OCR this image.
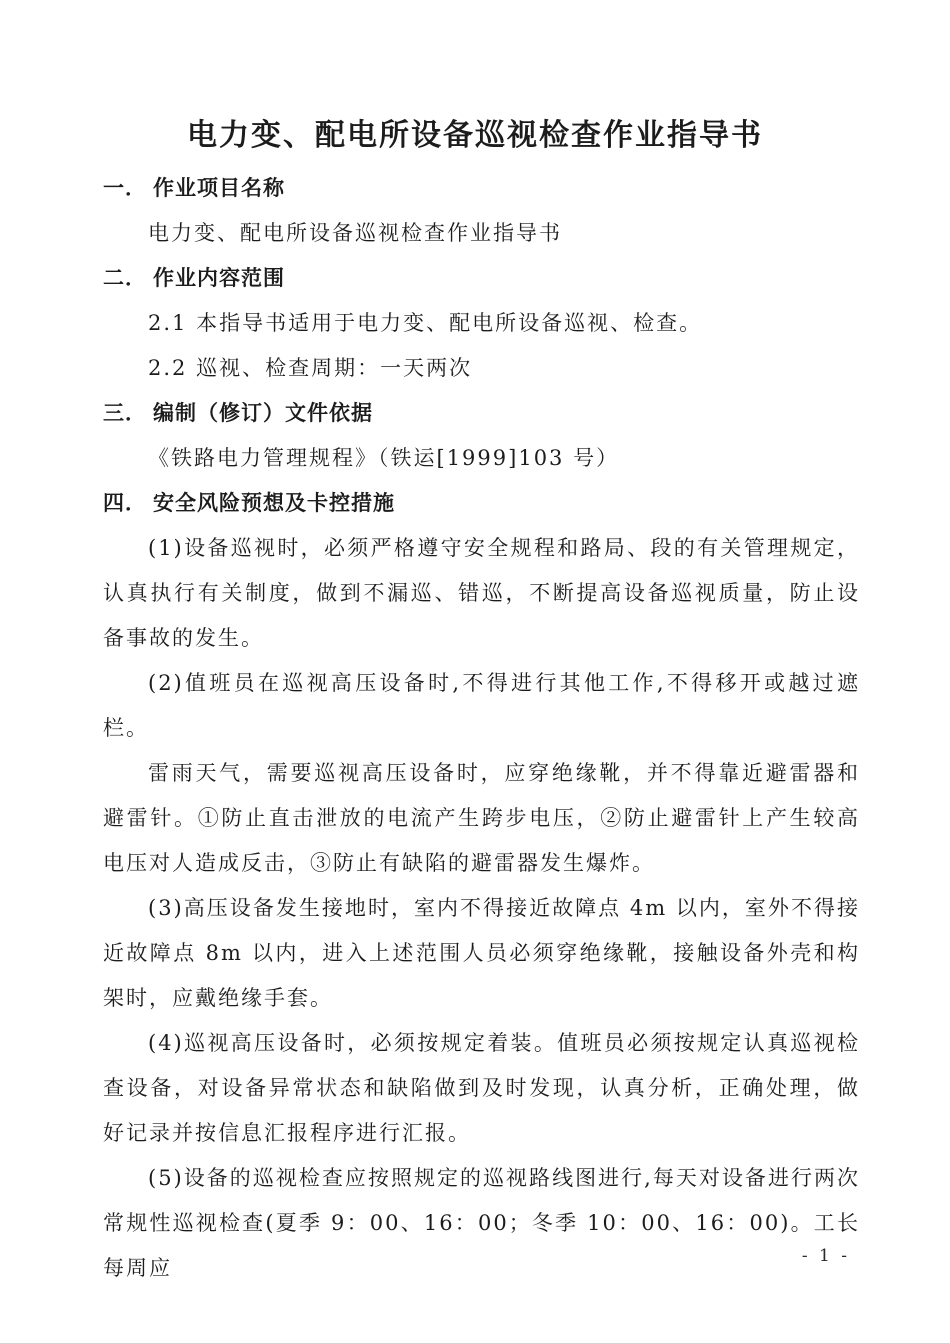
电力变、配电所设备巡视检查作业指导书
一． 作业项目名称

电力变、配电所设备巡视检查作业指导书

二． 作业内容范围

2.1 本指导书适用于电力变、配电所设备巡视、检查。

2.2 巡视、检查周期：一天两次

三． 编制（修订）文件依据

《铁路电力管理规程》（铁运[1999]103 号）

四． 安全风险预想及卡控措施

(1)设备巡视时，必须严格遵守安全规程和路局、段的有关管理规定，认真执行有关制度，做到不漏巡、错巡，不断提高设备巡视质量，防止设备事故的发生。

(2)值班员在巡视高压设备时,不得进行其他工作,不得移开或越过遮栏。

雷雨天气，需要巡视高压设备时，应穿绝缘靴，并不得靠近避雷器和避雷针。①防止直击泄放的电流产生跨步电压，②防止避雷针上产生较高电压对人造成反击，③防止有缺陷的避雷器发生爆炸。

(3)高压设备发生接地时，室内不得接近故障点 4m 以内，室外不得接近故障点 8m 以内，进入上述范围人员必须穿绝缘靴，接触设备外壳和构架时，应戴绝缘手套。

(4)巡视高压设备时，必须按规定着装。值班员必须按规定认真巡视检查设备，对设备异常状态和缺陷做到及时发现，认真分析，正确处理，做好记录并按信息汇报程序进行汇报。

(5)设备的巡视检查应按照规定的巡视路线图进行,每天对设备进行两次常规性巡视检查(夏季 9：00、16：00；冬季 10：00、16：00)。工长每周应	- 1 -
